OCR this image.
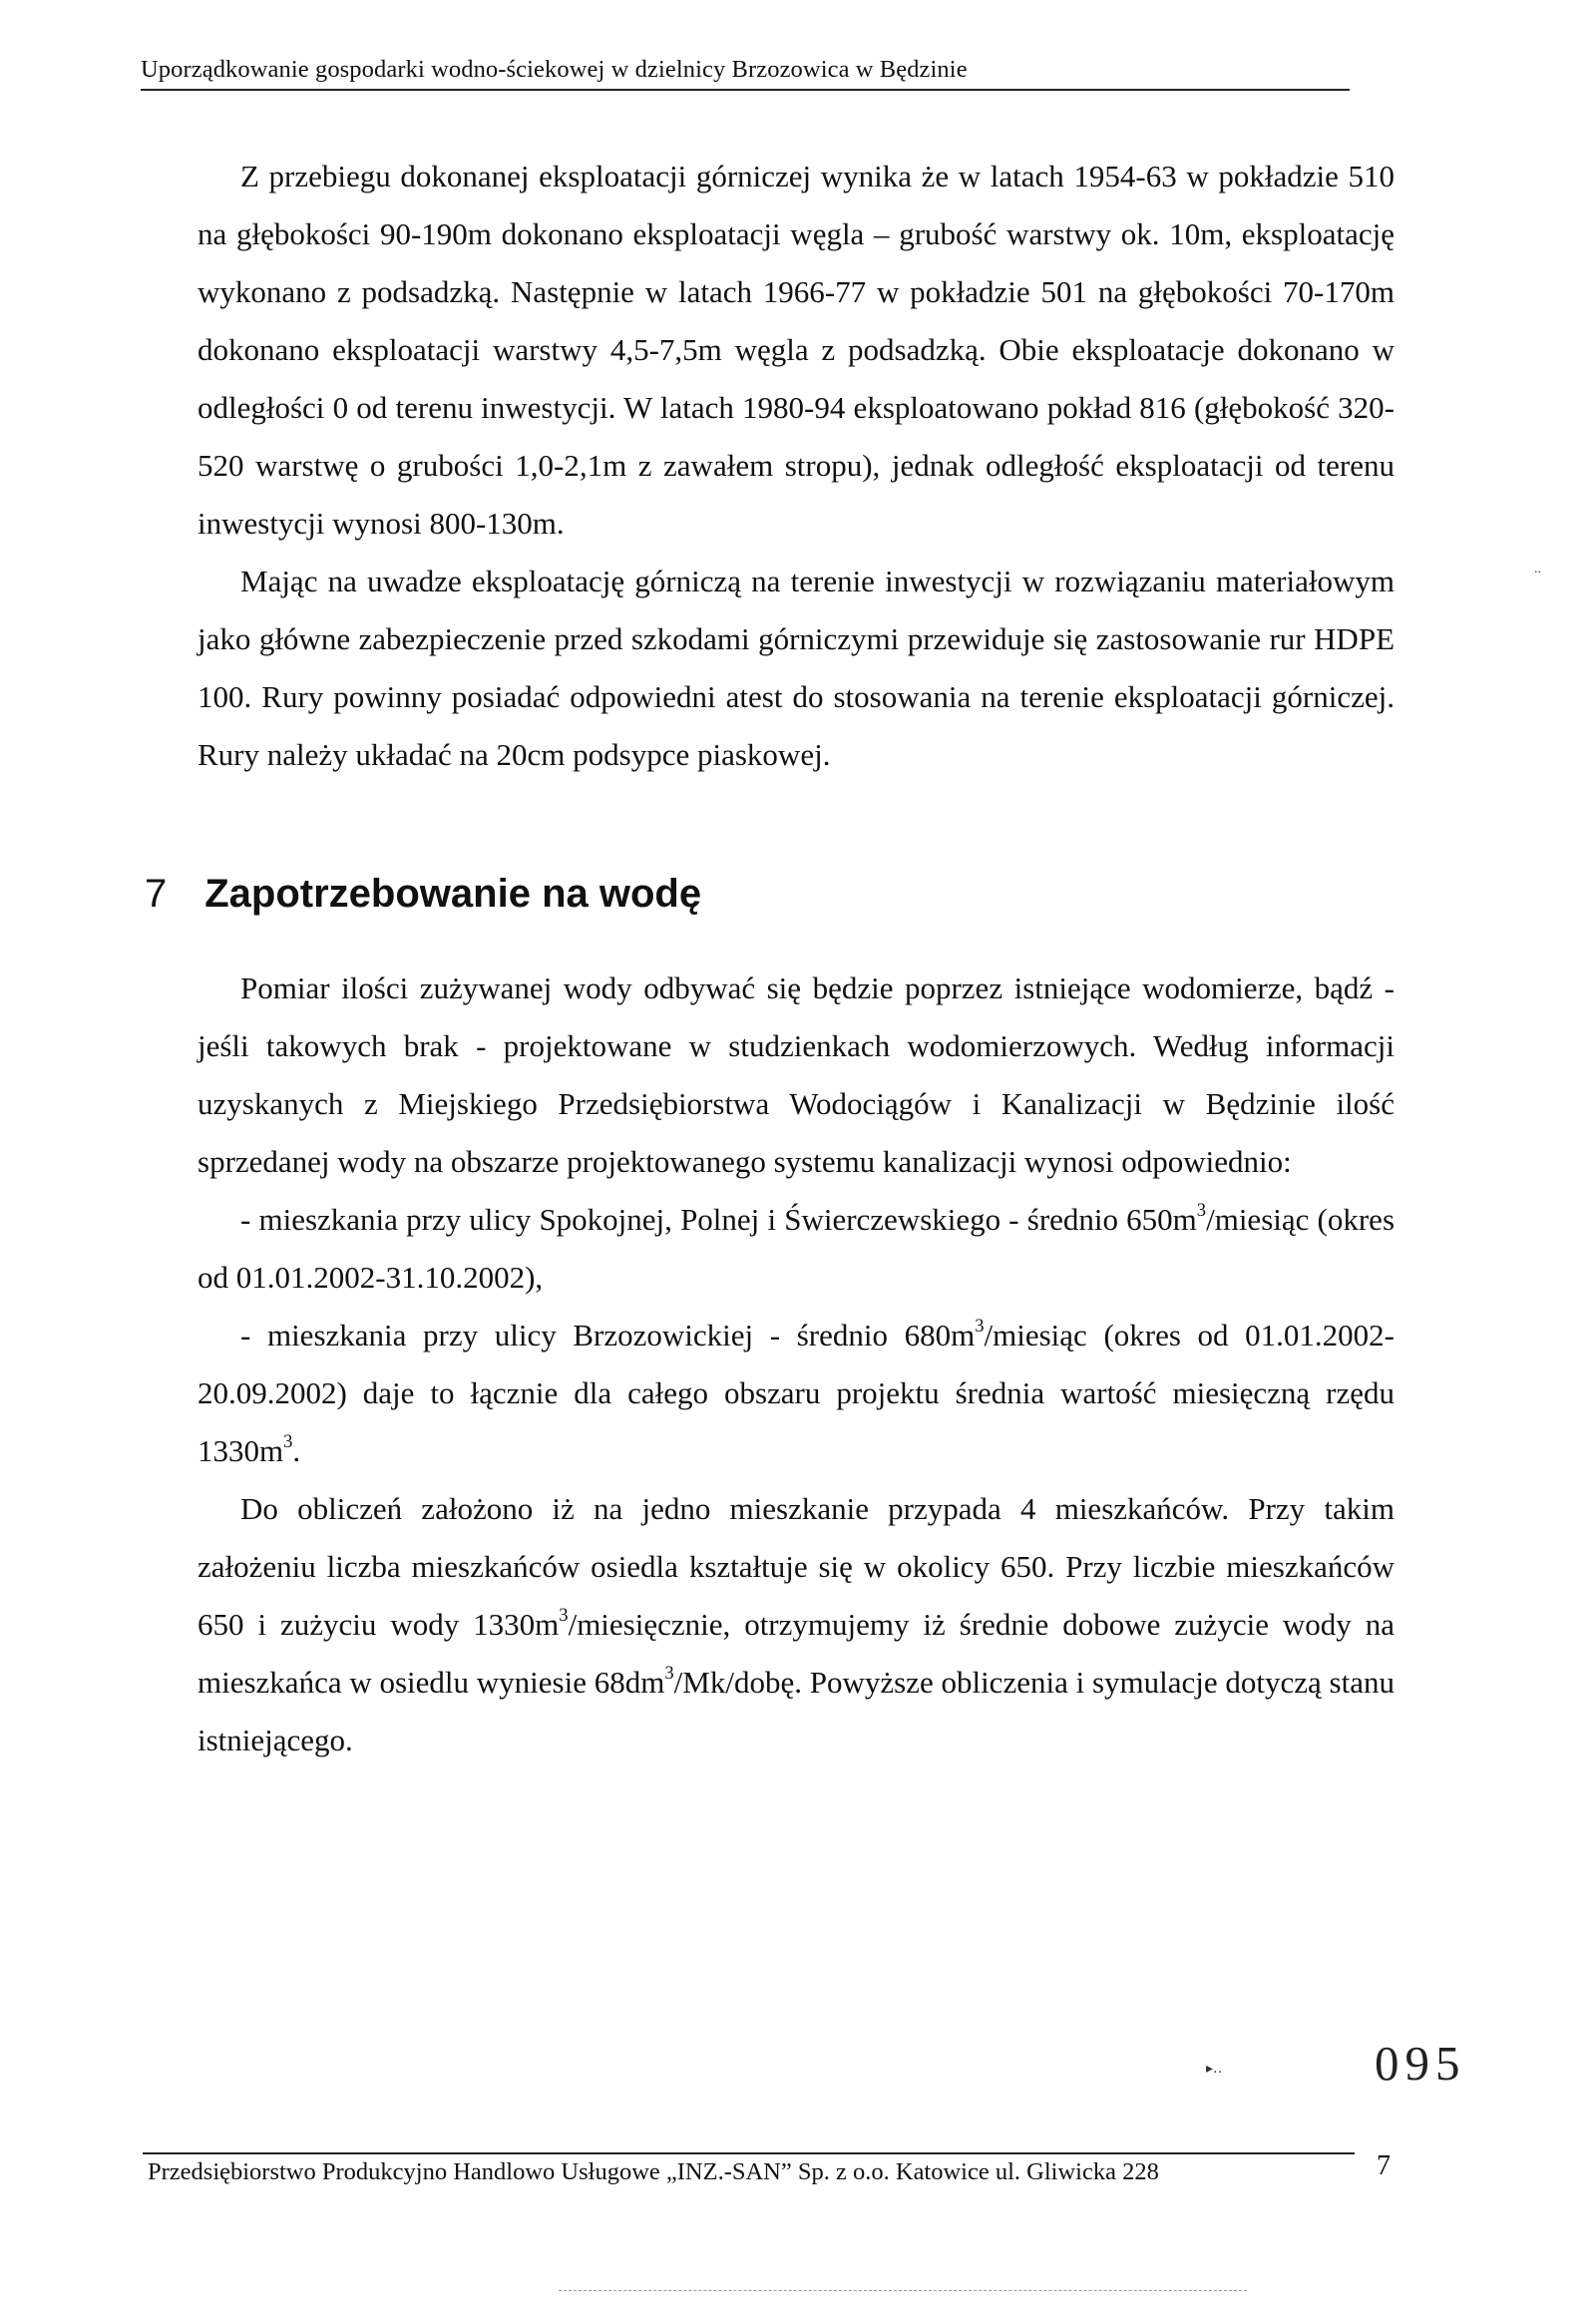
Uporządkowanie gospodarki wodno-ściekowej w dzielnicy Brzozowica w Będzinie

Z przebiegu dokonanej eksploatacji górniczej wynika że w latach 1954-63 w pokładzie 510 na głębokości 90-190m dokonano eksploatacji węgla – grubość warstwy ok. 10m, eksploatację wykonano z podsadzką. Następnie w latach 1966-77 w pokładzie 501 na głębokości 70-170m dokonano eksploatacji warstwy 4,5-7,5m węgla z podsadzką. Obie eksploatacje dokonano w odległości 0 od terenu inwestycji. W latach 1980-94 eksploatowano pokład 816 (głębokość 320-520 warstwę o grubości 1,0-2,1m z zawałem stropu), jednak odległość eksploatacji od terenu inwestycji wynosi 800-130m.

Mając na uwadze eksploatację górniczą na terenie inwestycji w rozwiązaniu materiałowym jako główne zabezpieczenie przed szkodami górniczymi przewiduje się zastosowanie rur HDPE 100. Rury powinny posiadać odpowiedni atest do stosowania na terenie eksploatacji górniczej. Rury należy układać na 20cm podsypce piaskowej.

..
7 Zapotrzebowanie na wodę

Pomiar ilości zużywanej wody odbywać się będzie poprzez istniejące wodomierze, bądź - jeśli takowych brak - projektowane w studzienkach wodomierzowych. Według informacji uzyskanych z Miejskiego Przedsiębiorstwa Wodociągów i Kanalizacji w Będzinie ilość sprzedanej wody na obszarze projektowanego systemu kanalizacji wynosi odpowiednio:

- mieszkania przy ulicy Spokojnej, Polnej i Świerczewskiego - średnio $650m^3$/miesiąc (okres od 01.01.2002-31.10.2002),

- mieszkania przy ulicy Brzozowickiej - średnio $680m^3$/miesiąc (okres od 01.01.2002-20.09.2002) daje to łącznie dla całego obszaru projektu średnia wartość miesięczną rzędu $1330m^3$.

Do obliczeń założono iż na jedno mieszkanie przypada 4 mieszkańców. Przy takim założeniu liczba mieszkańców osiedla kształtuje się w okolicy 650. Przy liczbie mieszkańców 650 i zużyciu wody $1330m^3$/miesięcznie, otrzymujemy iż średnie dobowe zużycie wody na mieszkańca w osiedlu wyniesie $68dm^3/Mk$/dobę. Powyższe obliczenia i symulacje dotyczą stanu istniejącego.

▸‥	095
Przedsiębiorstwo Produkcyjno Handlowo Usługowe „INZ.-SAN” Sp. z o.o. Katowice ul. Gliwicka 228	7
